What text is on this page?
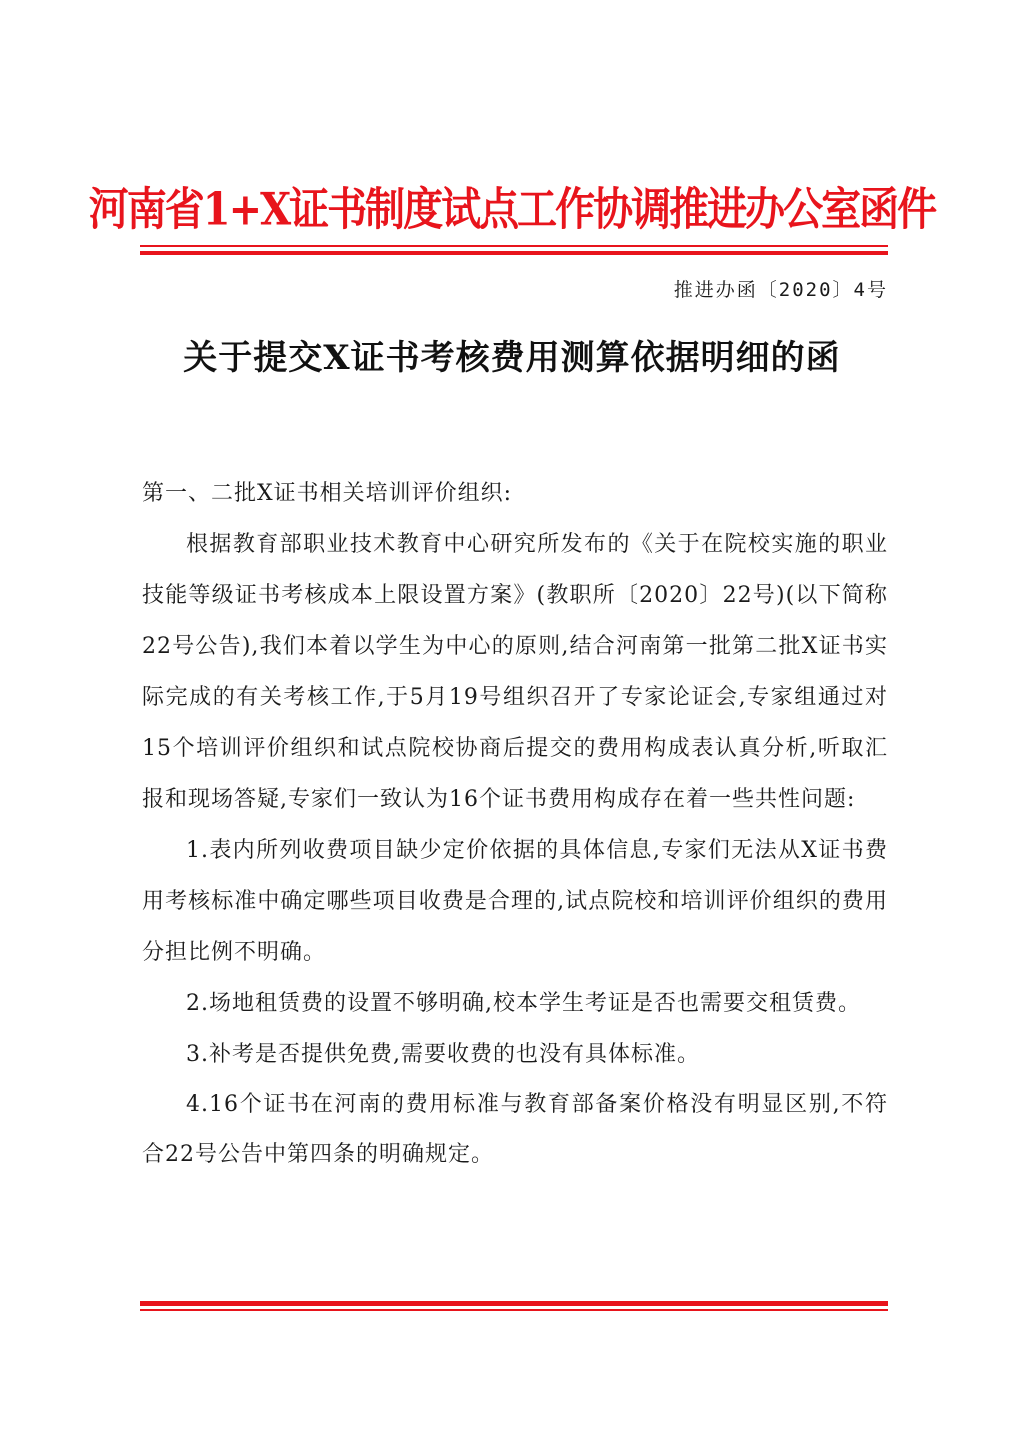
河南省1+X证书制度试点工作协调推进办公室函件
推进办函〔2020〕4号
关于提交X证书考核费用测算依据明细的函

第一、二批X证书相关培训评价组织:

根据教育部职业技术教育中心研究所发布的《关于在院校实施的职业技能等级证书考核成本上限设置方案》(教职所〔2020〕22号)(以下简称22号公告),我们本着以学生为中心的原则,结合河南第一批第二批X证书实际完成的有关考核工作,于5月19号组织召开了专家论证会,专家组通过对15个培训评价组织和试点院校协商后提交的费用构成表认真分析,听取汇报和现场答疑,专家们一致认为16个证书费用构成存在着一些共性问题:

1.表内所列收费项目缺少定价依据的具体信息,专家们无法从X证书费用考核标准中确定哪些项目收费是合理的,试点院校和培训评价组织的费用分担比例不明确。

2.场地租赁费的设置不够明确,校本学生考证是否也需要交租赁费。

3.补考是否提供免费,需要收费的也没有具体标准。

4.16个证书在河南的费用标准与教育部备案价格没有明显区别,不符合22号公告中第四条的明确规定。
